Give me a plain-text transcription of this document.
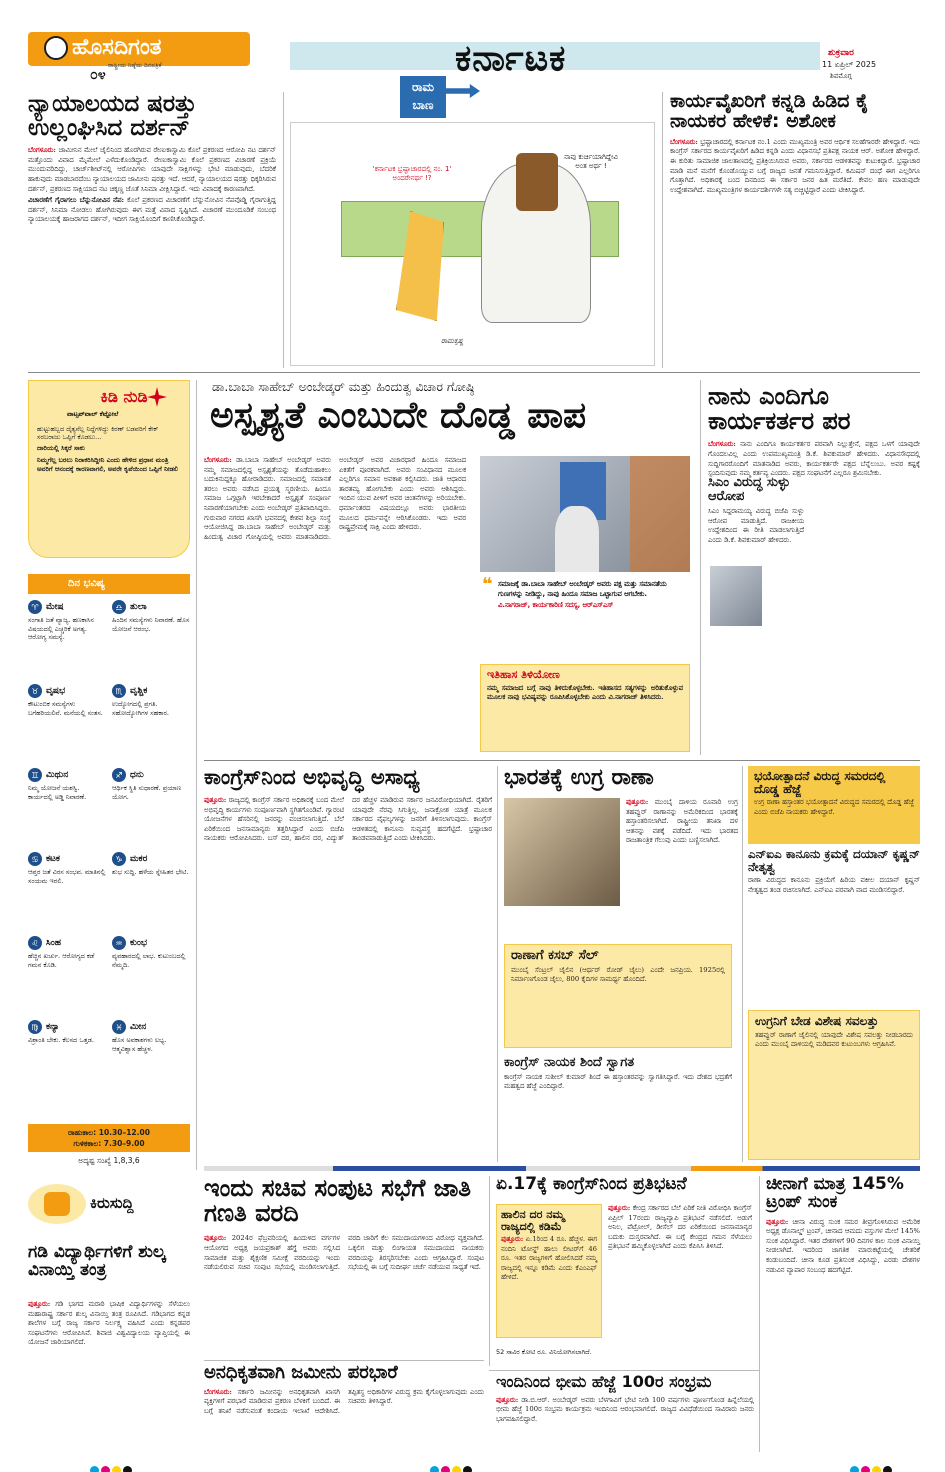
ಹೊಸದಿಗಂತ
ರಾಷ್ಟ್ರೀಯ ನಿಷ್ಠೆಯ ದಿನಪತ್ರಿಕೆ
೦೪	ಕರ್ನಾಟಕ	ಶುಕ್ರವಾರ
11 ಏಪ್ರಿಲ್ 2025
ಶಿವಮೊಗ್ಗ
ನ್ಯಾಯಾಲಯದ ಷರತ್ತು ಉಲ್ಲಂಘಿಸಿದ ದರ್ಶನ್
ಬೆಂಗಳೂರು: ಜಾಮೀನಿನ ಮೇಲೆ ಜೈಲಿನಿಂದ ಹೊರಗಿರುವ ರೇಣುಕಾಸ್ವಾಮಿ ಕೊಲೆ ಪ್ರಕರಣದ ಆರೋಪಿ ನಟ ದರ್ಶನ್ ಮತ್ತೊಂದು ವಿವಾದ ಮೈಮೇಲೆ ಎಳೆದುಕೊಂಡಿದ್ದಾರೆ. ರೇಣುಕಾಸ್ವಾಮಿ ಕೊಲೆ ಪ್ರಕರಣದ ವಿಚಾರಣೆ ಪ್ರಕ್ರಿಯೆ ಮುಂದುವರಿದಿದ್ದು, ಚಾರ್ಜ್‌ಶೀಟ್‌ನಲ್ಲಿ ಆರೋಪಿಗಳು ಯಾವುದೇ ಸಾಕ್ಷಿಗಳನ್ನು ಭೇಟಿ ಮಾಡುವುದು, ಬೆದರಿಕೆ ಹಾಕುವುದು ಮಾಡಬಾರದೆಂಬ ನ್ಯಾಯಾಲಯದ ಜಾಮೀನು ಷರತ್ತು ಇದೆ. ಆದರೆ, ನ್ಯಾಯಾಲಯದ ಷರತ್ತು ಧಿಕ್ಕರಿಸಿರುವ ದರ್ಶನ್, ಪ್ರಕರಣದ ಸಾಕ್ಷಿಯಾದ ನಟ ಚಿಕ್ಕಣ್ಣ ಜೊತೆ ಸಿನಿಮಾ ವೀಕ್ಷಿಸಿದ್ದಾರೆ. ಇದು ವಿವಾದಕ್ಕೆ ಕಾರಣವಾಗಿದೆ.
ವಿಚಾರಣೆಗೆ ಗೈರಾಗಲು ಬೆನ್ನುನೋವಿನ ನೆಪ: ಕೊಲೆ ಪ್ರಕರಣದ ವಿಚಾರಣೆಗೆ ಬೆನ್ನುನೋವಿನ ನೆಪವೊಡ್ಡಿ ಗೈರಾಗುತ್ತಿದ್ದ ದರ್ಶನ್, ಸಿನಿಮಾ ನೋಡಲು ಹೋಗಿರುವುದು ಈಗ ಮತ್ತೆ ವಿವಾದ ಸೃಷ್ಟಿಸಿದೆ. ವಿಚಾರಣೆ ಮುಂದೂಡಿಕೆ ಸಂಬಂಧ ನ್ಯಾಯಾಲಯಕ್ಕೆ ಹಾಜರಾಗದ ದರ್ಶನ್, ಇದೀಗ ಸಾಕ್ಷಿಯೊಂದಿಗೆ ಕಾಣಿಸಿಕೊಂಡಿದ್ದಾರೆ.
'ಕರ್ನಾಟಕ ಭ್ರಷ್ಟಾಚಾರದಲ್ಲಿ ನಂ. 1' ಅಂದರೇನರ್ಥ !?
ನಾವು ಕುರ್ಚಿಯಾಗಿದ್ದೇವಿ ಅಂತ ಅರ್ಥ !
ರಾಮಕೃಷ್ಣ
ರಾಮ ಬಾಣ	ಕಾರ್ಯವೈಖರಿಗೆ ಕನ್ನಡಿ ಹಿಡಿದ ಕೈ ನಾಯಕರ ಹೇಳಿಕೆ: ಅಶೋಕ
ಬೆಂಗಳೂರು: ಭ್ರಷ್ಟಾಚಾರದಲ್ಲಿ ಕರ್ನಾಟಕ ನಂ.1 ಎಂದು ಮುಖ್ಯಮಂತ್ರಿ ಅವರ ಆರ್ಥಿಕ ಸಲಹೆಗಾರರೇ ಹೇಳಿದ್ದಾರೆ. ಇದು ಕಾಂಗ್ರೆಸ್ ಸರ್ಕಾರದ ಕಾರ್ಯವೈಖರಿಗೆ ಹಿಡಿದ ಕನ್ನಡಿ ಎಂದು ವಿಧಾನಸಭೆ ಪ್ರತಿಪಕ್ಷ ನಾಯಕ ಆರ್. ಅಶೋಕ ಹೇಳಿದ್ದಾರೆ. ಈ ಕುರಿತು ಸಾಮಾಜಿಕ ಜಾಲತಾಣದಲ್ಲಿ ಪ್ರತಿಕ್ರಿಯಿಸಿರುವ ಅವರು, ಸರ್ಕಾರದ ಆಡಳಿತವನ್ನು ಕುಟುಕಿದ್ದಾರೆ. ಭ್ರಷ್ಟಾಚಾರ ಮಾಡಿ ಮನೆ ಮನೆಗೆ ಕೊಂಡೊಯ್ಯುವ ಬಗ್ಗೆ ರಾಜ್ಯದ ಜನತೆ ಗಮನಿಸುತ್ತಿದ್ದಾರೆ. ಕಮಿಷನ್ ದಂಧೆ ಈಗ ಎಲ್ಲರಿಗೂ ಗೊತ್ತಾಗಿದೆ. ಅಧಿಕಾರಕ್ಕೆ ಬಂದ ದಿನದಿಂದ ಈ ಸರ್ಕಾರ ಜನರ ಹಿತ ಮರೆತಿದೆ. ಕೇವಲ ಹಣ ಮಾಡುವುದೇ ಉದ್ದೇಶವಾಗಿದೆ. ಮುಖ್ಯಮಂತ್ರಿಗಳ ಕಾರ್ಯದರ್ಶಿಗಳೇ ಸತ್ಯ ಬಿಚ್ಚಿಟ್ಟಿದ್ದಾರೆ ಎಂದು ಟೀಕಿಸಿದ್ದಾರೆ.
ಕಿಡಿ ನುಡಿ
ವಾಟ್ಸಪ್‌ವಾಲ್ ಕೆಟ್ಟೋಲೆ
ಹುಟ್ಟುಹಬ್ಬದ ದೈತ್ಯನೆಲ್ಲ ನಿದ್ದೆಗಳಿದ್ದು ಕಿರಣ್ ಬಡವರಿಗೆ ಕೇಕ್ ಸರಬರಾಜು ಒಪ್ಪಿಗೆ ಕೊಡಲು...
ದಾರಿಯಲ್ಲಿ ಸಿಕ್ಕರೆ ಸಾಕು
ನಿಮ್ಮಗೆಲ್ಲ ಬರಲು ನಿರಾಕರಿಸಿದ್ದೀನಿ ಎಂದು ಹೇಳಿದ ಪ್ರಧಾನ ಮಂತ್ರಿ ಅವರಿಗೆ ಆನಂದಕ್ಕೆ ಕಾರಣವಾಗಲಿ, ಅವರೇ ಕೃಪೆಯಿಂದ ಒಪ್ಪಿಗೆ ನೀಡಲಿ
ದಿನ ಭವಿಷ್ಯ
♈ ಮೇಷ
ಸಂಗಾತಿ ಜತೆ ವ್ಯಾಜ್ಯ. ಹಣಕಾಸಿನ ವಿಷಯದಲ್ಲಿ ಎಚ್ಚರಿಕೆ ಅಗತ್ಯ. ಆರೋಗ್ಯ ಸಮಸ್ಯೆ.
♎ ತುಲಾ
ಹಿಂದಿನ ಸಮಸ್ಯೆಗಳು ನಿವಾರಣೆ. ಹೊಸ ಯೋಜನೆ ಆರಂಭ.
♉ ವೃಷಭ
ಕೌಟುಂಬಿಕ ಸಮಸ್ಯೆಗಳು ಬಗೆಹರಿಯಲಿವೆ. ಮನೆಯಲ್ಲಿ ಸಂತಸ.
♏ ವೃಶ್ಚಿಕ
ಉದ್ಯೋಗದಲ್ಲಿ ಪ್ರಗತಿ. ಸಹೋದ್ಯೋಗಿಗಳ ಸಹಕಾರ.
♊ ಮಿಥುನ
ನಿಮ್ಮ ಯೋಜನೆ ಯಶಸ್ವಿ. ಕಾರ್ಯದಲ್ಲಿ ಅಡ್ಡಿ ನಿವಾರಣೆ.
♐ ಧನು
ಆರ್ಥಿಕ ಸ್ಥಿತಿ ಸುಧಾರಣೆ. ಪ್ರಯಾಣ ಯೋಗ.
♋ ಕಟಕ
ಆಪ್ತರ ಜತೆ ವಿರಸ ಸಂಭವ. ಮಾತಿನಲ್ಲಿ ಸಂಯಮ ಇರಲಿ.
♑ ಮಕರ
ಶುಭ ಸುದ್ದಿ. ಹಳೆಯ ಸ್ನೇಹಿತರ ಭೇಟಿ.
♌ ಸಿಂಹ
ಹೆಚ್ಚಿನ ಖರ್ಚು. ಆರೋಗ್ಯದ ಕಡೆ ಗಮನ ಕೊಡಿ.
♒ ಕುಂಭ
ವ್ಯವಹಾರದಲ್ಲಿ ಲಾಭ. ಕುಟುಂಬದಲ್ಲಿ ನೆಮ್ಮದಿ.
♍ ಕನ್ಯಾ
ವಿಶ್ರಾಂತಿ ಬೇಕು. ಕೆಲಸದ ಒತ್ತಡ.
♓ ಮೀನ
ಹೊಸ ಅವಕಾಶಗಳು ಲಭ್ಯ. ಆತ್ಮವಿಶ್ವಾಸ ಹೆಚ್ಚಳ.
ರಾಹುಕಾಲ: 10.30–12.00
ಗುಳಿಕಕಾಲ: 7.30–9.00
ಅದೃಷ್ಟ ಸಂಖ್ಯೆ 1,8,3,6
ಡಾ.ಬಾಬಾ ಸಾಹೇಬ್ ಅಂಬೇಡ್ಕರ್ ಮತ್ತು ಹಿಂದುತ್ವ ವಿಚಾರ ಗೋಷ್ಠಿ
ಅಸ್ಪೃಶ್ಯತೆ ಎಂಬುದೇ ದೊಡ್ಡ ಪಾಪ
ಬೆಂಗಳೂರು: ಡಾ.ಬಾಬಾ ಸಾಹೇಬ್ ಅಂಬೇಡ್ಕರ್ ಅವರು ನಮ್ಮ ಸಮಾಜದಲ್ಲಿದ್ದ ಅಸ್ಪೃಶ್ಯತೆಯನ್ನು ತೊಡೆದುಹಾಕಲು ಬದುಕಿನುದ್ದಕ್ಕೂ ಹೋರಾಡಿದರು. ಸಮಾಜದಲ್ಲಿ ಸಮಾನತೆ ತರಲು ಅವರು ನಡೆಸಿದ ಪ್ರಯತ್ನ ಸ್ಮರಣೀಯ. ಹಿಂದೂ ಸಮಾಜ ಒಗ್ಗಟ್ಟಾಗಿ ಇರಬೇಕಾದರೆ ಅಸ್ಪೃಶ್ಯತೆ ಸಂಪೂರ್ಣ ನಿವಾರಣೆಯಾಗಬೇಕು ಎಂದು ಅಂಬೇಡ್ಕರ್ ಪ್ರತಿಪಾದಿಸಿದ್ದರು. ಗುರುವಾರ ನಗರದ ಖಾಸಗಿ ಭವನದಲ್ಲಿ ಕೇಶವ ಶಿಲ್ಪಾ ಸಂಸ್ಥೆ ಆಯೋಜಿಸಿದ್ದ ಡಾ.ಬಾಬಾ ಸಾಹೇಬ್ ಅಂಬೇಡ್ಕರ್ ಮತ್ತು ಹಿಂದುತ್ವ ವಿಚಾರ ಗೋಷ್ಠಿಯಲ್ಲಿ ಅವರು ಮಾತನಾಡಿದರು. ಅಂಬೇಡ್ಕರ್ ಅವರ ವಿಚಾರಧಾರೆ ಹಿಂದೂ ಸಮಾಜದ ಏಕತೆಗೆ ಪೂರಕವಾಗಿದೆ. ಅವರು ಸಂವಿಧಾನದ ಮೂಲಕ ಎಲ್ಲರಿಗೂ ಸಮಾನ ಅವಕಾಶ ಕಲ್ಪಿಸಿದರು. ಜಾತಿ ಆಧಾರದ ತಾರತಮ್ಯ ಹೋಗಬೇಕು ಎಂದು ಅವರು ಆಶಿಸಿದ್ದರು. ಇಂದಿನ ಯುವ ಪೀಳಿಗೆ ಅವರ ಚಿಂತನೆಗಳನ್ನು ಅರಿಯಬೇಕು. ಧರ್ಮಾಂತರದ ವಿಷಯದಲ್ಲೂ ಅವರು ಭಾರತೀಯ ಮೂಲದ ಧರ್ಮವನ್ನೇ ಆರಿಸಿಕೊಂಡರು. ಇದು ಅವರ ರಾಷ್ಟ್ರಪ್ರೇಮಕ್ಕೆ ಸಾಕ್ಷಿ ಎಂದು ಹೇಳಿದರು.
❝ ಸಮಾಜಕ್ಕೆ ಡಾ.ಬಾಬಾ ಸಾಹೇಬ್ ಅಂಬೇಡ್ಕರ್ ಅವರು ಪಕ್ಷ ಮತ್ತು ಸಮಾನತೆಯ ಗುಣಗಳನ್ನು ನೀಡಿದ್ದು, ನಾವು ಹಿಂದೂ ಸಮಾಜ ಒಟ್ಟಾಗುವ ಆಗಬೇಕು.
ವಿ.ನಾಗರಾಜ್, ಕಾರ್ಯಕಾರಿಣಿ ಸದಸ್ಯ, ಆರ್‌ಎಸ್‌ಎಸ್
ಇತಿಹಾಸ ತಿಳಿಯೋಣ
ನಮ್ಮ ಸಮಾಜದ ಬಗ್ಗೆ ನಾವು ತಿಳಿದುಕೊಳ್ಳಬೇಕು. ಇತಿಹಾಸದ ಸತ್ಯಗಳನ್ನು ಅರಿತುಕೊಳ್ಳುವ ಮೂಲಕ ನಾವು ಭವಿಷ್ಯವನ್ನು ರೂಪಿಸಿಕೊಳ್ಳಬೇಕು ಎಂದು ವಿ.ನಾಗರಾಜ್ ತಿಳಿಸಿದರು.
ನಾನು ಎಂದಿಗೂ ಕಾರ್ಯಕರ್ತರ ಪರ
ಬೆಂಗಳೂರು: ನಾನು ಎಂದಿಗೂ ಕಾರ್ಯಕರ್ತರ ಪರವಾಗಿ ನಿಲ್ಲುತ್ತೇನೆ, ಪಕ್ಷದ ಒಳಗೆ ಯಾವುದೇ ಗೊಂದಲವಿಲ್ಲ ಎಂದು ಉಪಮುಖ್ಯಮಂತ್ರಿ ಡಿ.ಕೆ. ಶಿವಕುಮಾರ್ ಹೇಳಿದರು. ವಿಧಾನಸೌಧದಲ್ಲಿ ಸುದ್ದಿಗಾರರೊಂದಿಗೆ ಮಾತನಾಡಿದ ಅವರು, ಕಾರ್ಯಕರ್ತರೇ ಪಕ್ಷದ ಬೆನ್ನೆಲುಬು. ಅವರ ಕಷ್ಟಕ್ಕೆ ಸ್ಪಂದಿಸುವುದು ನಮ್ಮ ಕರ್ತವ್ಯ ಎಂದರು. ಪಕ್ಷದ ಸಂಘಟನೆಗೆ ಎಲ್ಲರೂ ಶ್ರಮಿಸಬೇಕು.
ಸಿಎಂ ವಿರುದ್ಧ ಸುಳ್ಳು ಆರೋಪ
ಸಿಎಂ ಸಿದ್ದರಾಮಯ್ಯ ವಿರುದ್ಧ ಬಿಜೆಪಿ ಸುಳ್ಳು ಆರೋಪ ಮಾಡುತ್ತಿದೆ. ರಾಜಕೀಯ ಉದ್ದೇಶದಿಂದ ಈ ರೀತಿ ಮಾಡಲಾಗುತ್ತಿದೆ ಎಂದು ಡಿ.ಕೆ. ಶಿವಕುಮಾರ್ ಹೇಳಿದರು.
ಕಾಂಗ್ರೆಸ್‌ನಿಂದ ಅಭಿವೃದ್ಧಿ ಅಸಾಧ್ಯ
ಪುತ್ತೂರು: ರಾಜ್ಯದಲ್ಲಿ ಕಾಂಗ್ರೆಸ್ ಸರ್ಕಾರ ಅಧಿಕಾರಕ್ಕೆ ಬಂದ ಮೇಲೆ ಅಭಿವೃದ್ಧಿ ಕಾರ್ಯಗಳು ಸಂಪೂರ್ಣವಾಗಿ ಸ್ಥಗಿತಗೊಂಡಿವೆ. ಗ್ಯಾರಂಟಿ ಯೋಜನೆಗಳ ಹೆಸರಿನಲ್ಲಿ ಜನರನ್ನು ವಂಚಿಸಲಾಗುತ್ತಿದೆ. ಬೆಲೆ ಏರಿಕೆಯಿಂದ ಜನಸಾಮಾನ್ಯರು ತತ್ತರಿಸಿದ್ದಾರೆ ಎಂದು ಬಿಜೆಪಿ ನಾಯಕರು ಆರೋಪಿಸಿದರು. ಬಸ್ ದರ, ಹಾಲಿನ ದರ, ವಿದ್ಯುತ್ ದರ ಹೆಚ್ಚಳ ಮಾಡಿರುವ ಸರ್ಕಾರ ಜನವಿರೋಧಿಯಾಗಿದೆ. ರೈತರಿಗೆ ಯಾವುದೇ ನೆರವು ಸಿಗುತ್ತಿಲ್ಲ. ಜನಾಕ್ರೋಶ ಯಾತ್ರೆ ಮೂಲಕ ಸರ್ಕಾರದ ವೈಫಲ್ಯಗಳನ್ನು ಜನರಿಗೆ ತಿಳಿಸಲಾಗುವುದು. ಕಾಂಗ್ರೆಸ್ ಆಡಳಿತದಲ್ಲಿ ಕಾನೂನು ಸುವ್ಯವಸ್ಥೆ ಹದಗೆಟ್ಟಿದೆ. ಭ್ರಷ್ಟಾಚಾರ ತಾಂಡವವಾಡುತ್ತಿದೆ ಎಂದು ಟೀಕಿಸಿದರು.
ಭಾರತಕ್ಕೆ ಉಗ್ರ ರಾಣಾ
ಪುತ್ತೂರು: ಮುಂಬೈ ದಾಳಿಯ ರೂವಾರಿ ಉಗ್ರ ತಹವ್ವುರ್ ರಾಣಾನನ್ನು ಅಮೆರಿಕದಿಂದ ಭಾರತಕ್ಕೆ ಹಸ್ತಾಂತರಿಸಲಾಗಿದೆ. ರಾಷ್ಟ್ರೀಯ ತನಿಖಾ ದಳ ಆತನನ್ನು ವಶಕ್ಕೆ ಪಡೆದಿದೆ. ಇದು ಭಾರತದ ರಾಜತಾಂತ್ರಿಕ ಗೆಲುವು ಎಂದು ಬಣ್ಣಿಸಲಾಗಿದೆ.
ರಾಣಾಗೆ ಕಸಬ್ ಸೆಲ್
ಮುಂಬೈ ಸೆಂಟ್ರಲ್ ಜೈಲಿನ (ಆರ್ಥರ್ ರೋಡ್ ಜೈಲು) ಎಂದೇ ಜನಪ್ರಿಯ. 1925ರಲ್ಲಿ ನಿರ್ಮಾಣಗೊಂಡ ಜೈಲು, 800 ಕೈದಿಗಳ ಸಾಮರ್ಥ್ಯ ಹೊಂದಿದೆ.
ಕಾಂಗ್ರೆಸ್ ನಾಯಕ ಶಿಂದೆ ಸ್ವಾಗತ
ಕಾಂಗ್ರೆಸ್ ನಾಯಕ ಸುಶೀಲ್ ಕುಮಾರ್ ಶಿಂದೆ ಈ ಹಸ್ತಾಂತರವನ್ನು ಸ್ವಾಗತಿಸಿದ್ದಾರೆ. ಇದು ದೇಶದ ಭದ್ರತೆಗೆ ಮಹತ್ವದ ಹೆಜ್ಜೆ ಎಂದಿದ್ದಾರೆ.
ಭಯೋತ್ಪಾದನೆ ವಿರುದ್ಧ ಸಮರದಲ್ಲಿ ದೊಡ್ಡ ಹೆಜ್ಜೆ
ಉಗ್ರ ರಾಣಾ ಹಸ್ತಾಂತರ ಭಯೋತ್ಪಾದನೆ ವಿರುದ್ಧದ ಸಮರದಲ್ಲಿ ದೊಡ್ಡ ಹೆಜ್ಜೆ ಎಂದು ಬಿಜೆಪಿ ನಾಯಕರು ಹೇಳಿದ್ದಾರೆ.
ಎನ್‌ಐಎ ಕಾನೂನು ಕ್ರಮಕ್ಕೆ ದಯಾನ್ ಕೃಷ್ಣನ್ ನೇತೃತ್ವ
ರಾಣಾ ವಿರುದ್ಧದ ಕಾನೂನು ಪ್ರಕ್ರಿಯೆಗೆ ಹಿರಿಯ ವಕೀಲ ದಯಾನ್ ಕೃಷ್ಣನ್ ನೇತೃತ್ವದ ತಂಡ ರಚಿಸಲಾಗಿದೆ. ಎನ್‌ಐಎ ಪರವಾಗಿ ವಾದ ಮಂಡಿಸಲಿದ್ದಾರೆ.
ಉಗ್ರನಿಗೆ ಬೇಡ ವಿಶೇಷ ಸವಲತ್ತು
ತಹವ್ವುರ್ ರಾಣಾಗೆ ಜೈಲಿನಲ್ಲಿ ಯಾವುದೇ ವಿಶೇಷ ಸವಲತ್ತು ನೀಡಬಾರದು ಎಂದು ಮುಂಬೈ ದಾಳಿಯಲ್ಲಿ ಮಡಿದವರ ಕುಟುಂಬಗಳು ಆಗ್ರಹಿಸಿವೆ.
ಕಿರುಸುದ್ದಿ
ಗಡಿ ವಿದ್ಯಾರ್ಥಿಗಳಿಗೆ ಶುಲ್ಕ ವಿನಾಯ್ತಿ ತಂತ್ರ
ಪುತ್ತೂರು: ಗಡಿ ಭಾಗದ ಮರಾಠಿ ಭಾಷಿಕ ವಿದ್ಯಾರ್ಥಿಗಳನ್ನು ಸೆಳೆಯಲು ಮಹಾರಾಷ್ಟ್ರ ಸರ್ಕಾರ ಶುಲ್ಕ ವಿನಾಯ್ತಿ ತಂತ್ರ ರೂಪಿಸಿದೆ. ಗಡಿಭಾಗದ ಕನ್ನಡ ಶಾಲೆಗಳ ಬಗ್ಗೆ ರಾಜ್ಯ ಸರ್ಕಾರ ನಿರ್ಲಕ್ಷ್ಯ ವಹಿಸಿದೆ ಎಂದು ಕನ್ನಡಪರ ಸಂಘಟನೆಗಳು ಆರೋಪಿಸಿವೆ. ಶಿವಾಜಿ ವಿಶ್ವವಿದ್ಯಾಲಯ ವ್ಯಾಪ್ತಿಯಲ್ಲಿ ಈ ಯೋಜನೆ ಜಾರಿಯಾಗಲಿದೆ.
ಇಂದು ಸಚಿವ ಸಂಪುಟ ಸಭೆಗೆ ಜಾತಿ ಗಣತಿ ವರದಿ
ಪುತ್ತೂರು: 2024ರ ಫೆಬ್ರವರಿಯಲ್ಲಿ ಹಿಂದುಳಿದ ವರ್ಗಗಳ ಆಯೋಗದ ಅಧ್ಯಕ್ಷ ಜಯಪ್ರಕಾಶ್ ಹೆಗ್ಡೆ ಅವರು ಸಲ್ಲಿಸಿದ ಸಾಮಾಜಿಕ ಮತ್ತು ಶೈಕ್ಷಣಿಕ ಸಮೀಕ್ಷೆ ವರದಿಯನ್ನು ಇಂದು ನಡೆಯಲಿರುವ ಸಚಿವ ಸಂಪುಟ ಸಭೆಯಲ್ಲಿ ಮಂಡಿಸಲಾಗುತ್ತಿದೆ. ವರದಿ ಜಾರಿಗೆ ಕೆಲ ಸಮುದಾಯಗಳಿಂದ ವಿರೋಧ ವ್ಯಕ್ತವಾಗಿದೆ. ಒಕ್ಕಲಿಗ ಮತ್ತು ಲಿಂಗಾಯತ ಸಮುದಾಯದ ನಾಯಕರು ವರದಿಯನ್ನು ತಿರಸ್ಕರಿಸಬೇಕು ಎಂದು ಆಗ್ರಹಿಸಿದ್ದಾರೆ. ಸಂಪುಟ ಸಭೆಯಲ್ಲಿ ಈ ಬಗ್ಗೆ ಸುದೀರ್ಘ ಚರ್ಚೆ ನಡೆಯುವ ಸಾಧ್ಯತೆ ಇದೆ.
ಅನಧಿಕೃತವಾಗಿ ಜಮೀನು ಪರಭಾರೆ
ಬೆಂಗಳೂರು: ಸರ್ಕಾರಿ ಜಮೀನನ್ನು ಅನಧಿಕೃತವಾಗಿ ಖಾಸಗಿ ವ್ಯಕ್ತಿಗಳಿಗೆ ಪರಭಾರೆ ಮಾಡಿರುವ ಪ್ರಕರಣ ಬೆಳಕಿಗೆ ಬಂದಿದೆ. ಈ ಬಗ್ಗೆ ತನಿಖೆ ನಡೆಸುವಂತೆ ಕಂದಾಯ ಇಲಾಖೆ ಆದೇಶಿಸಿದೆ. ತಪ್ಪಿತಸ್ಥ ಅಧಿಕಾರಿಗಳ ವಿರುದ್ಧ ಕ್ರಮ ಕೈಗೊಳ್ಳಲಾಗುವುದು ಎಂದು ಸಚಿವರು ತಿಳಿಸಿದ್ದಾರೆ.
ಏ.17ಕ್ಕೆ ಕಾಂಗ್ರೆಸ್‌ನಿಂದ ಪ್ರತಿಭಟನೆ
ಹಾಲಿನ ದರ ನಮ್ಮ ರಾಜ್ಯದಲ್ಲಿ ಕಡಿಮೆ
ಪುತ್ತೂರು: ಏ.1ರಿಂದ 4 ರೂ. ಹೆಚ್ಚಳ. ಈಗ ನಂದಿನಿ ಟೋನ್ಡ್ ಹಾಲು ಲೀಟರ್‌ಗೆ 46 ರೂ. ಇತರ ರಾಜ್ಯಗಳಿಗೆ ಹೋಲಿಸಿದರೆ ನಮ್ಮ ರಾಜ್ಯದಲ್ಲಿ ಇನ್ನೂ ಕಡಿಮೆ ಎಂದು ಕೆಎಂಎಫ್ ಹೇಳಿದೆ.
ಪುತ್ತೂರು: ಕೇಂದ್ರ ಸರ್ಕಾರದ ಬೆಲೆ ಏರಿಕೆ ನೀತಿ ವಿರೋಧಿಸಿ ಕಾಂಗ್ರೆಸ್ ಏಪ್ರಿಲ್ 17ರಂದು ರಾಜ್ಯವ್ಯಾಪಿ ಪ್ರತಿಭಟನೆ ನಡೆಸಲಿದೆ. ಅಡುಗೆ ಅನಿಲ, ಪೆಟ್ರೋಲ್, ಡೀಸೆಲ್ ದರ ಏರಿಕೆಯಿಂದ ಜನಸಾಮಾನ್ಯರ ಬದುಕು ದುಸ್ತರವಾಗಿದೆ. ಈ ಬಗ್ಗೆ ಕೇಂದ್ರದ ಗಮನ ಸೆಳೆಯಲು ಪ್ರತಿಭಟನೆ ಹಮ್ಮಿಕೊಳ್ಳಲಾಗಿದೆ ಎಂದು ಕೆಪಿಸಿಸಿ ತಿಳಿಸಿದೆ.
52 ಸಾವಿರ ಕೋಟಿ ರೂ. ವಿನಿಯೋಗಿಸಲಾಗಿದೆ.
ಚೀನಾಗೆ ಮಾತ್ರ 145% ಟ್ರಂಪ್ ಸುಂಕ
ಪುತ್ತೂರು: ಚೀನಾ ವಿರುದ್ಧ ಸುಂಕ ಸಮರ ತೀವ್ರಗೊಳಿಸಿರುವ ಅಮೆರಿಕ ಅಧ್ಯಕ್ಷ ಡೊನಾಲ್ಡ್ ಟ್ರಂಪ್, ಚೀನಾದ ಆಮದು ವಸ್ತುಗಳ ಮೇಲೆ 145% ಸುಂಕ ವಿಧಿಸಿದ್ದಾರೆ. ಇತರ ದೇಶಗಳಿಗೆ 90 ದಿನಗಳ ಕಾಲ ಸುಂಕ ವಿನಾಯ್ತಿ ನೀಡಲಾಗಿದೆ. ಇದರಿಂದ ಜಾಗತಿಕ ಮಾರುಕಟ್ಟೆಯಲ್ಲಿ ಚೇತರಿಕೆ ಕಂಡುಬಂದಿದೆ. ಚೀನಾ ಕೂಡ ಪ್ರತಿಸುಂಕ ವಿಧಿಸಿದ್ದು, ಎರಡು ದೇಶಗಳ ನಡುವಿನ ವ್ಯಾಪಾರ ಸಂಬಂಧ ಹದಗೆಟ್ಟಿದೆ.
ಇಂದಿನಿಂದ ಭೀಮ ಹೆಜ್ಜೆ 100ರ ಸಂಭ್ರಮ
ಪುತ್ತೂರು: ಡಾ.ಬಿ.ಆರ್. ಅಂಬೇಡ್ಕರ್ ಅವರು ಬೆಳಗಾವಿಗೆ ಭೇಟಿ ನೀಡಿ 100 ವರ್ಷಗಳು ಪೂರ್ಣಗೊಂಡ ಹಿನ್ನೆಲೆಯಲ್ಲಿ ಭೀಮ ಹೆಜ್ಜೆ 100ರ ಸಂಭ್ರಮ ಕಾರ್ಯಕ್ರಮ ಇಂದಿನಿಂದ ಆರಂಭವಾಗಲಿದೆ. ರಾಜ್ಯದ ವಿವಿಧೆಡೆಯಿಂದ ಸಾವಿರಾರು ಜನರು ಭಾಗವಹಿಸಲಿದ್ದಾರೆ.
